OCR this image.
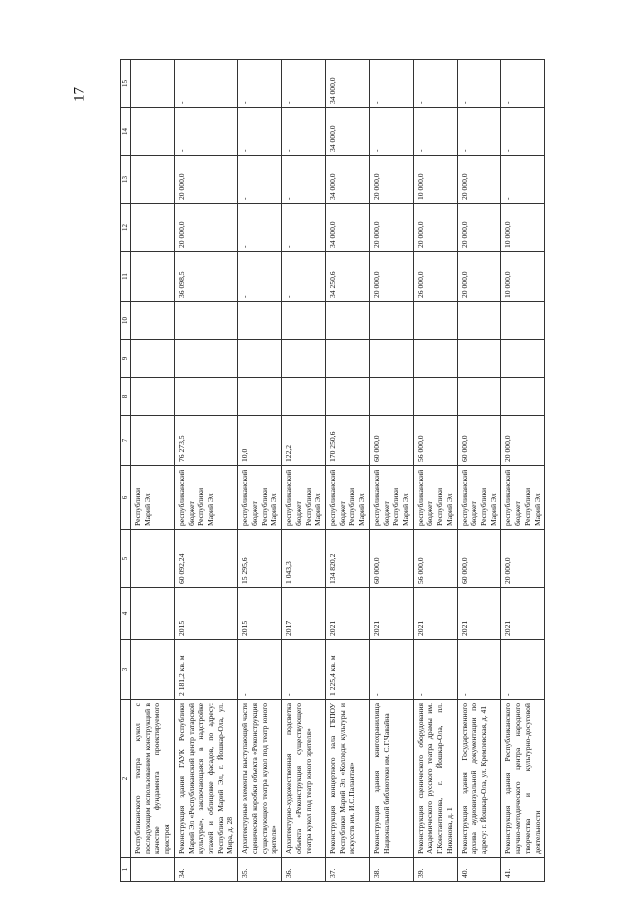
17
1	2	3	4	5	6	7	8	9	10	11	12	13	14	15
	Республиканского театра кукол с последующим использованием конструкций в качестве фундамента проектируемого пристроя				Республики Марий Эл									
34.	Реконструкция здания ГАУК Республики Марий Эл «Республиканский центр татарской культуры», заключающаяся в надстройке этажей и облицовке фасадов, по адресу: Республика Марий Эл, г. Йошкар-Ола, ул. Мира, д. 28	2 181,2 кв. м	2015	60 092,24	республиканский бюджет Республики Марий Эл	76 273,5				36 098,5	20 000,0	20 000,0	-	-
35.	Архитектурные элементы выступающей части сценической коробки объекта «Реконструкция существующего театра кукол под театр юного зрителя»	-	2015	15 295,6	республиканский бюджет Республики Марий Эл	10,0				-	-	-	-	-
36.	Архитектурно-художественная подсветка объекта «Реконструкция существующего театра кукол под театр юного зрителя»	-	2017	1 043,3	республиканский бюджет Республики Марий Эл	122,2				-	-	-	-	-
37.	Реконструкция концертного зала ГБПОУ Республики Марий Эл «Колледж культуры и искусств им. И.С.Палантая»	1 225,4 кв. м	2021	134 820,2	республиканский бюджет Республики Марий Эл	170 250,6				34 250,6	34 000,0	34 000,0	34 000,0	34 000,0
38.	Реконструкция здания книгохранилища Национальной библиотеки им. С.Г.Чавайна	-	2021	60 000,0	республиканский бюджет Республики Марий Эл	60 000,0				20 000,0	20 000,0	20 000,0	-	-
39.	Реконструкция сценического оборудования Академического русского театра драмы им. Г.Константинова, г. Йошкар-Ола, пл. Никонова, д. 1	-	2021	56 000,0	республиканский бюджет Республики Марий Эл	56 000,0				26 000,0	20 000,0	10 000,0	-	-
40.	Реконструкция здания Государственного архива аудиовизуальной документации по адресу: г. Йошкар-Ола, ул. Кремлевская, д. 41	-	2021	60 000,0	республиканский бюджет Республики Марий Эл	60 000,0				20 000,0	20 000,0	20 000,0	-	-
41.	Реконструкция здания Республиканского научно-методического центра народного творчества и культурно-досуговой деятельности	-	2021	20 000,0	республиканский бюджет Республики Марий Эл	20 000,0				10 000,0	10 000,0	-	-	-
